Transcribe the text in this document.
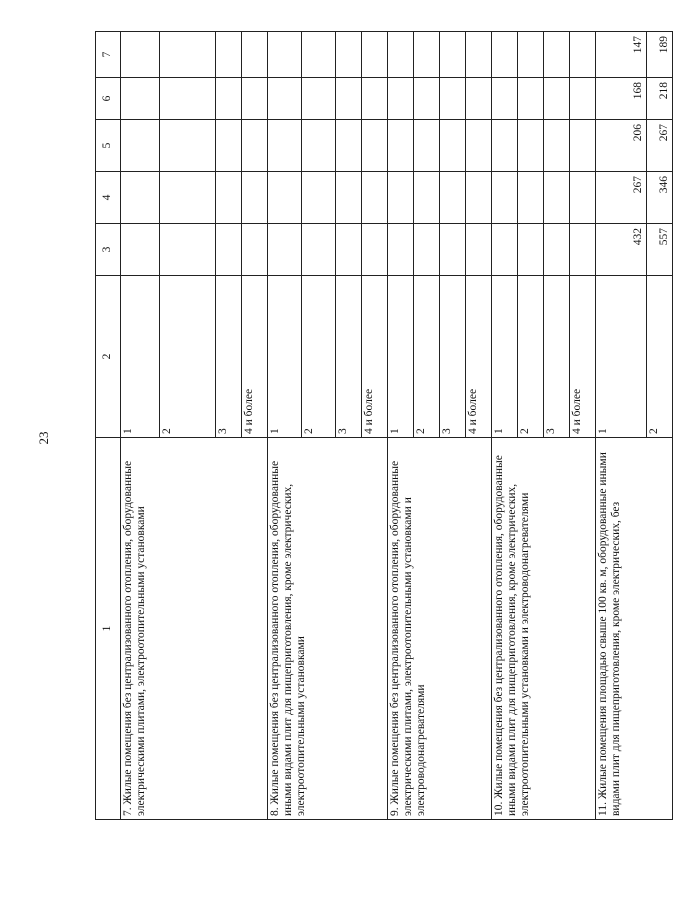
23
1	2	3	4	5	6	7
7. Жилые помещения без централизованного отопления, оборудованные электрическими плитами, электроотопительными установками	1					
	2					
	3					
	4 и более					
8. Жилые помещения без централизованного отопления, оборудованные иными видами плит для пищеприготовления, кроме электрических, электроотопительными установками	1					
	2					
	3					
	4 и более					
9. Жилые помещения без централизованного отопления, оборудованные электрическими плитами, электроотопительными установками и электроводонагревателями	1					
	2					
	3					
	4 и более					
10. Жилые помещения без централизованного отопления, оборудованные иными видами плит для пищеприготовления, кроме электрических, электроотопительными установками и электроводонагревателями	1					
	2					
	3					
	4 и более					
11. Жилые помещения площадью свыше 100 кв. м, оборудованные иными видами плит для пищеприготовления, кроме электрических, без	1	432	267	206	168	147
	2	557	346	267	218	189
